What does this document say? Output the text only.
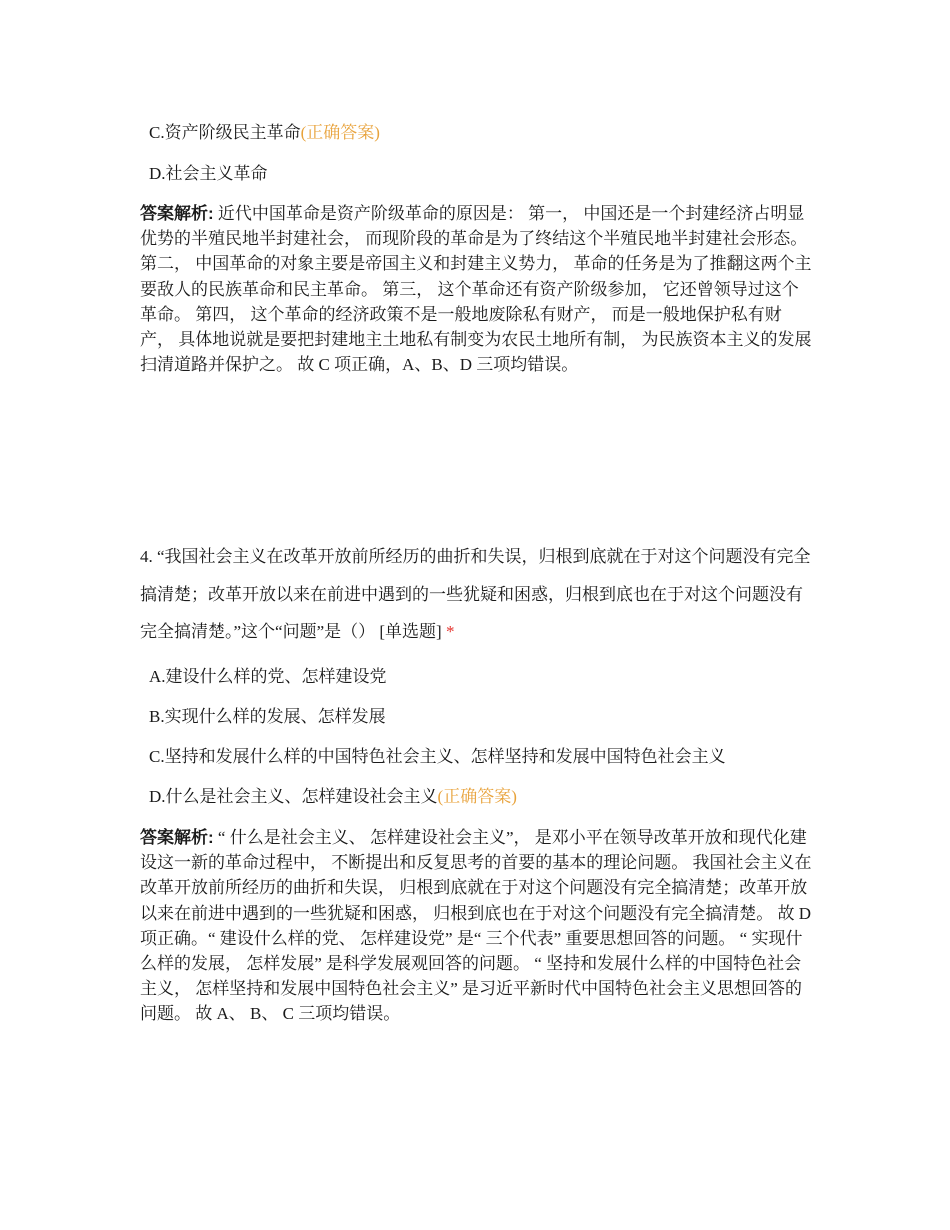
C.资产阶级民主革命(正确答案)
D.社会主义革命
答案解析: 近代中国革命是资产阶级革命的原因是： 第一， 中国还是一个封建经济占明显优势的半殖民地半封建社会， 而现阶段的革命是为了终结这个半殖民地半封建社会形态。 第二， 中国革命的对象主要是帝国主义和封建主义势力， 革命的任务是为了推翻这两个主要敌人的民族革命和民主革命。 第三， 这个革命还有资产阶级参加， 它还曾领导过这个革命。 第四， 这个革命的经济政策不是一般地废除私有财产， 而是一般地保护私有财产， 具体地说就是要把封建地主土地私有制变为农民土地所有制， 为民族资本主义的发展扫清道路并保护之。 故 C 项正确，A、B、D 三项均错误。
4. “我国社会主义在改革开放前所经历的曲折和失误，归根到底就在于对这个问题没有完全搞清楚；改革开放以来在前进中遇到的一些犹疑和困惑，归根到底也在于对这个问题没有完全搞清楚。”这个“问题”是（） [单选题] *
A.建设什么样的党、怎样建设党
B.实现什么样的发展、怎样发展
C.坚持和发展什么样的中国特色社会主义、怎样坚持和发展中国特色社会主义
D.什么是社会主义、怎样建设社会主义(正确答案)
答案解析: “ 什么是社会主义、 怎样建设社会主义”， 是邓小平在领导改革开放和现代化建设这一新的革命过程中， 不断提出和反复思考的首要的基本的理论问题。 我国社会主义在改革开放前所经历的曲折和失误， 归根到底就在于对这个问题没有完全搞清楚；改革开放以来在前进中遇到的一些犹疑和困惑， 归根到底也在于对这个问题没有完全搞清楚。 故 D 项正确。“ 建设什么样的党、 怎样建设党” 是“ 三个代表” 重要思想回答的问题。 “ 实现什么样的发展， 怎样发展” 是科学发展观回答的问题。 “ 坚持和发展什么样的中国特色社会主义， 怎样坚持和发展中国特色社会主义” 是习近平新时代中国特色社会主义思想回答的问题。 故 A、 B、 C 三项均错误。
